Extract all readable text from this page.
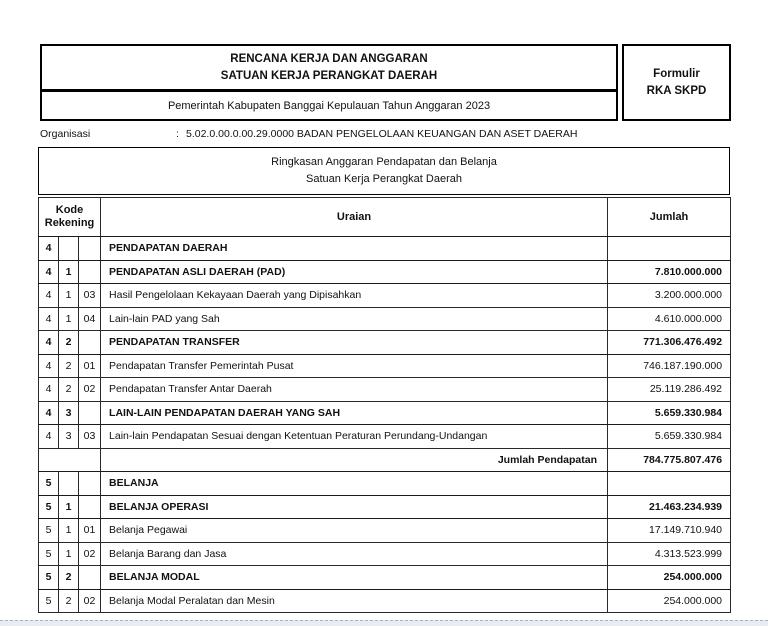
RENCANA KERJA DAN ANGGARAN
SATUAN KERJA PERANGKAT DAERAH
Pemerintah Kabupaten Banggai Kepulauan Tahun Anggaran 2023
Formulir
RKA SKPD
Organisasi	: 5.02.0.00.0.00.29.0000 BADAN PENGELOLAAN KEUANGAN DAN ASET DAERAH
Ringkasan Anggaran Pendapatan dan Belanja
Satuan Kerja Perangkat Daerah
Kode
Rekening			Uraian	Jumlah
4			PENDAPATAN DAERAH	
4	1		PENDAPATAN ASLI DAERAH (PAD)	7.810.000.000
4	1	03	Hasil Pengelolaan Kekayaan Daerah yang Dipisahkan	3.200.000.000
4	1	04	Lain-lain PAD yang Sah	4.610.000.000
4	2		PENDAPATAN TRANSFER	771.306.476.492
4	2	01	Pendapatan Transfer Pemerintah Pusat	746.187.190.000
4	2	02	Pendapatan Transfer Antar Daerah	25.119.286.492
4	3		LAIN-LAIN PENDAPATAN DAERAH YANG SAH	5.659.330.984
4	3	03	Lain-lain Pendapatan Sesuai dengan Ketentuan Peraturan Perundang-Undangan	5.659.330.984
			Jumlah Pendapatan	784.775.807.476
5			BELANJA	
5	1		BELANJA OPERASI	21.463.234.939
5	1	01	Belanja Pegawai	17.149.710.940
5	1	02	Belanja Barang dan Jasa	4.313.523.999
5	2		BELANJA MODAL	254.000.000
5	2	02	Belanja Modal Peralatan dan Mesin	254.000.000
